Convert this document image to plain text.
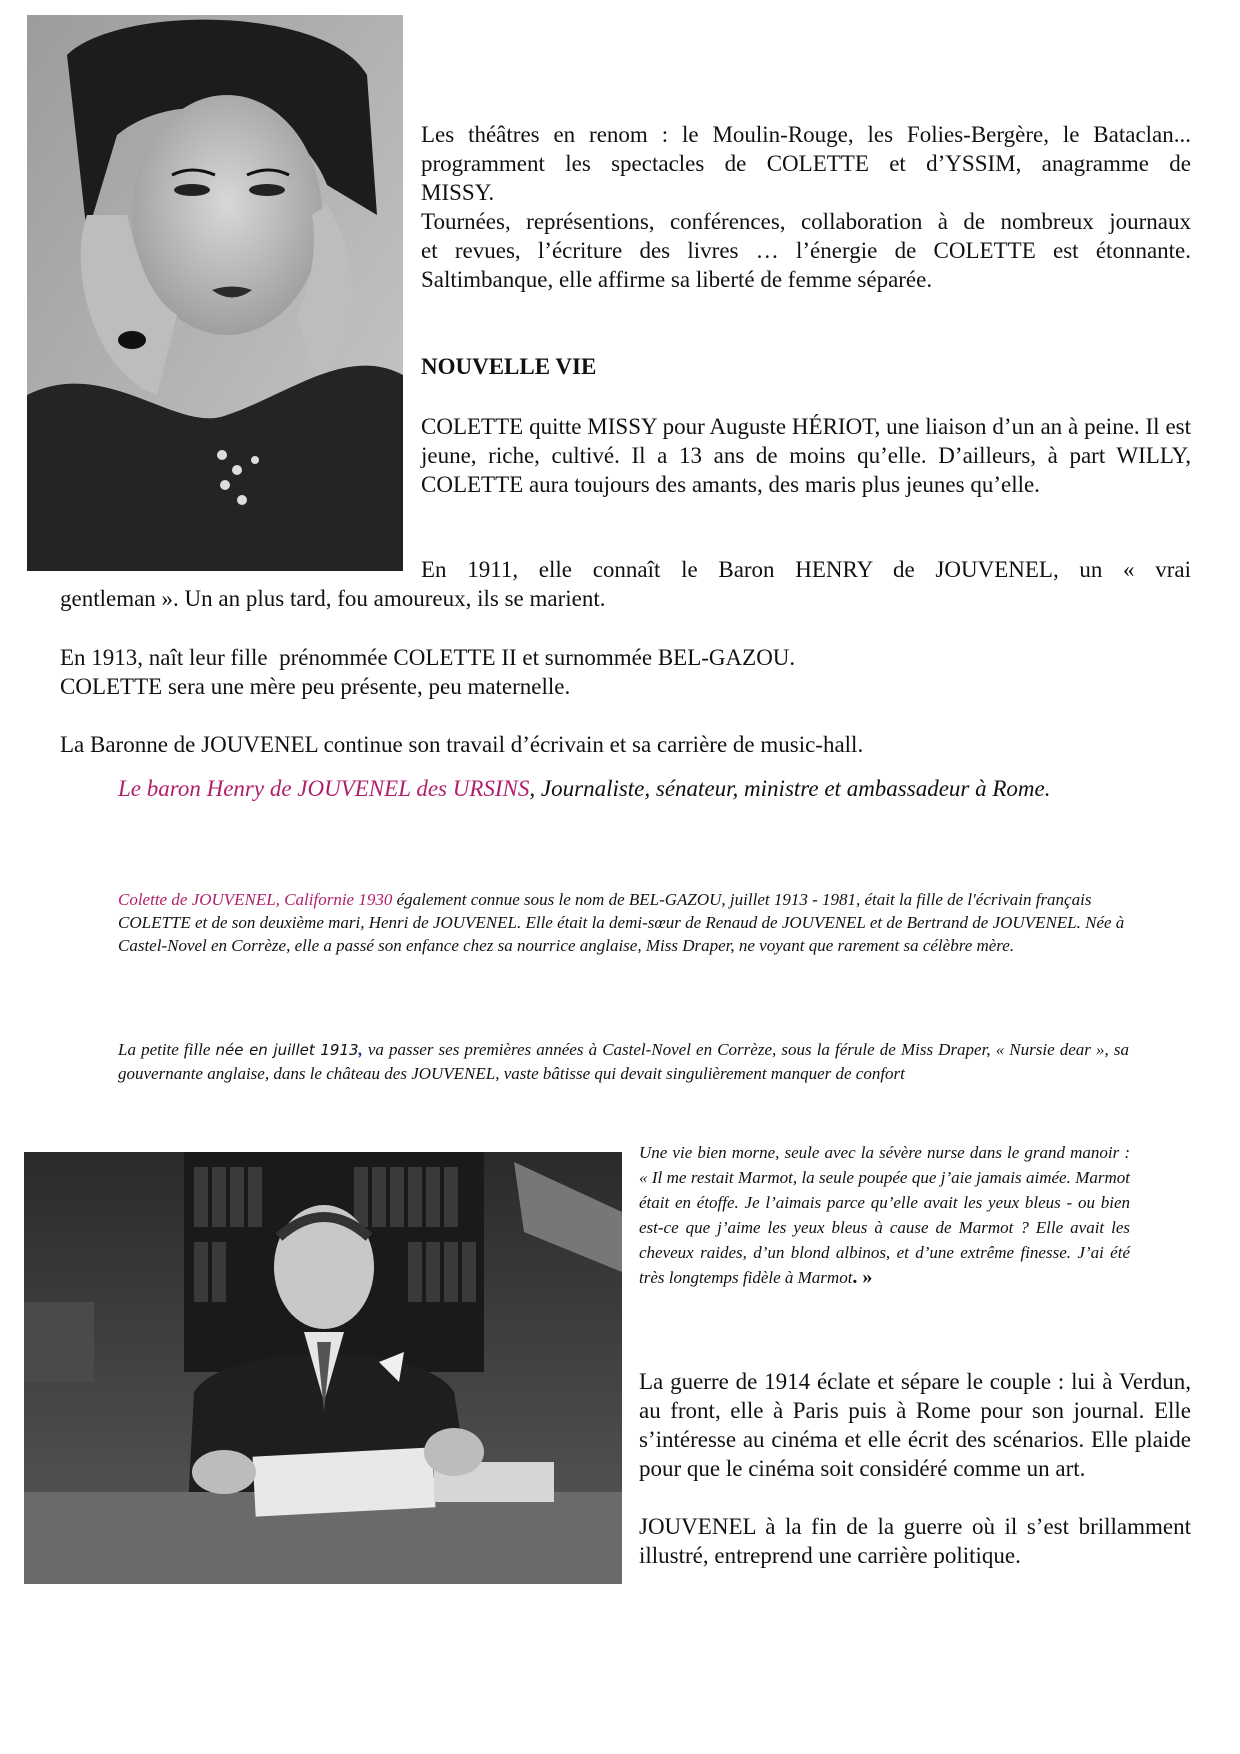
Les théâtres en renom : le Moulin-Rouge, les Folies-Bergère, le Bataclan...
programment les spectacles de COLETTE et d’YSSIM, anagramme de
MISSY.
Tournées, représentions, conférences, collaboration à de nombreux journaux
et revues, l’écriture des livres … l’énergie de COLETTE est étonnante.
Saltimbanque, elle affirme sa liberté de femme séparée.

NOUVELLE VIE

COLETTE quitte MISSY pour Auguste HÉRIOT, une liaison d’un an à peine. Il est jeune, riche, cultivé. Il a 13 ans de moins qu’elle. D’ailleurs, à part WILLY, COLETTE aura toujours des amants, des maris plus jeunes qu’elle.

En 1911, elle connaît le Baron HENRY de JOUVENEL, un « vrai
gentleman ». Un an plus tard, fou amoureux, ils se marient.

En 1913, naît leur fille  prénommée COLETTE II et surnommée BEL-GAZOU.
COLETTE sera une mère peu présente, peu maternelle.

La Baronne de JOUVENEL continue son travail d’écrivain et sa carrière de music-hall.

Le baron Henry de JOUVENEL des URSINS, Journaliste, sénateur, ministre et ambassadeur à Rome.
Colette de JOUVENEL, Californie 1930 également connue sous le nom de BEL-GAZOU, juillet 1913 - 1981, était la fille de l'écrivain français COLETTE et de son deuxième mari, Henri de JOUVENEL. Elle était la demi-sœur de Renaud de JOUVENEL et de Bertrand de JOUVENEL. Née à Castel-Novel en Corrèze, elle a passé son enfance chez sa nourrice anglaise, Miss Draper, ne voyant que rarement sa célèbre mère.
La petite fille née en juillet 1913, va passer ses premières années à Castel-Novel en Corrèze, sous la férule de Miss Draper, « Nursie dear », sa gouvernante anglaise, dans le château des JOUVENEL, vaste bâtisse qui devait singulièrement manquer de confort
Une vie bien morne, seule avec la sévère nurse dans le grand manoir : « Il me restait Marmot, la seule poupée que j’aie jamais aimée. Marmot était en étoffe. Je l’aimais parce qu’elle avait les yeux bleus - ou bien est-ce que j’aime les yeux bleus à cause de Marmot ? Elle avait les cheveux raides, d’un blond albinos, et d’une extrême finesse. J’ai été très longtemps fidèle à Marmot. »

La guerre de 1914 éclate et sépare le couple : lui à Verdun, au front, elle à Paris puis à Rome pour son journal. Elle s’intéresse au cinéma et elle écrit des scénarios. Elle plaide pour que le cinéma soit considéré comme un art.

JOUVENEL à la fin de la guerre où il s’est brillamment illustré, entreprend une carrière politique.
